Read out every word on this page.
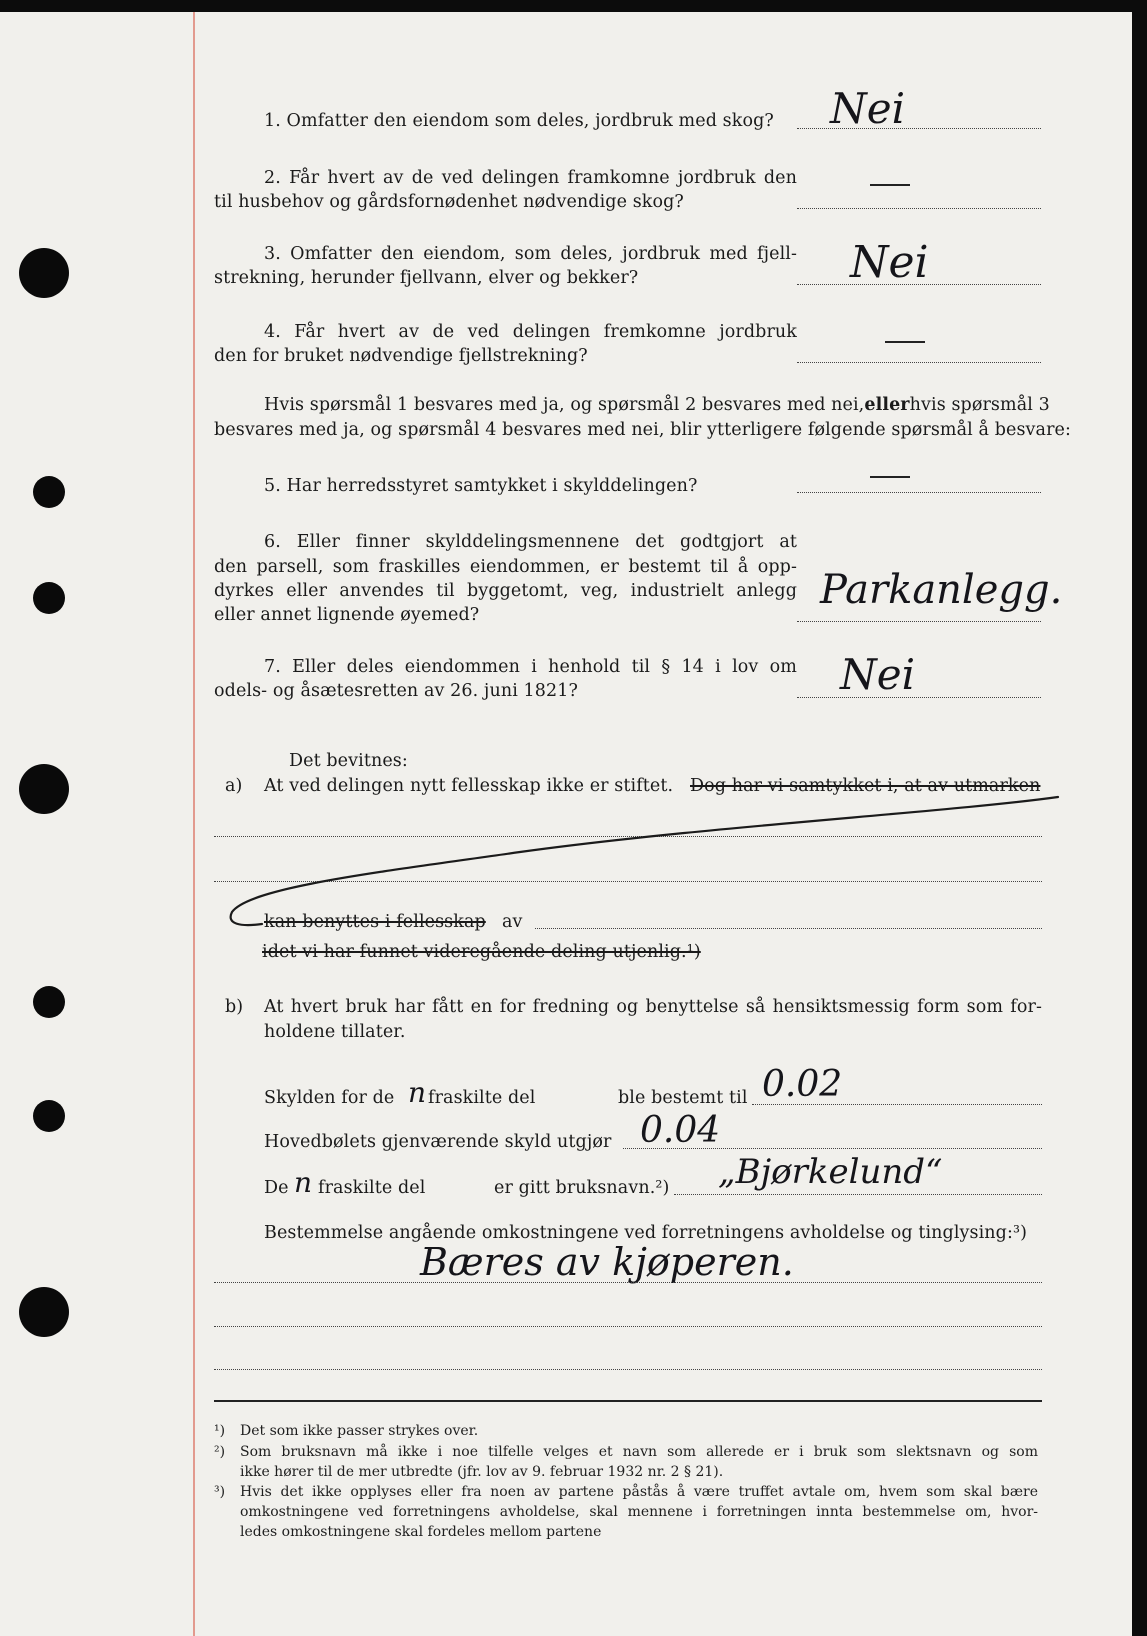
1. Omfatter den eiendom som deles, jordbruk med skog? Nei
2. Får hvert av de ved delingen framkomne jordbruk den
til husbehov og gårdsfornødenhet nødvendige skog?
3. Omfatter den eiendom, som deles, jordbruk med fjell-
strekning, herunder fjellvann, elver og bekker?	Nei
4. Får hvert av de ved delingen fremkomne jordbruk
den for bruket nødvendige fjellstrekning?
Hvis spørsmål 1 besvares med ja, og spørsmål 2 besvares med nei, eller hvis spørsmål 3
besvares med ja, og spørsmål 4 besvares med nei, blir ytterligere følgende spørsmål å besvare:
5. Har herredsstyret samtykket i skylddelingen?
6. Eller finner skylddelingsmennene det godtgjort at
den parsell, som fraskilles eiendommen, er bestemt til å opp-
dyrkes eller anvendes til byggetomt, veg, industrielt anlegg
eller annet lignende øyemed?
Parkanlegg.
7. Eller deles eiendommen i henhold til § 14 i lov om
odels- og åsætesretten av 26. juni 1821?	Nei
Det bevitnes:
a) At ved delingen nytt fellesskap ikke er stiftet. Dog har vi samtykket i, at av utmarken
kan benyttes i fellesskap av
idet vi har funnet videregående deling utjenlig.¹)
b) At hvert bruk har fått en for fredning og benyttelse så hensiktsmessig form som for-
holdene tillater.
Skylden for de n fraskilte del	ble bestemt til 0.02
Hovedbølets gjenværende skyld utgjør 0.04
De n fraskilte del	er gitt bruksnavn.²) „Bjørkelund“
Bestemmelse angående omkostningene ved forretningens avholdelse og tinglysing:³)
Bæres av kjøperen.
¹) Det som ikke passer strykes over.
²) Som bruksnavn må ikke i noe tilfelle velges et navn som allerede er i bruk som slektsnavn og som
ikke hører til de mer utbredte (jfr. lov av 9. februar 1932 nr. 2 § 21).
³) Hvis det ikke opplyses eller fra noen av partene påstås å være truffet avtale om, hvem som skal bære
omkostningene ved forretningens avholdelse, skal mennene i forretningen innta bestemmelse om, hvor-
ledes omkostningene skal fordeles mellom partene
